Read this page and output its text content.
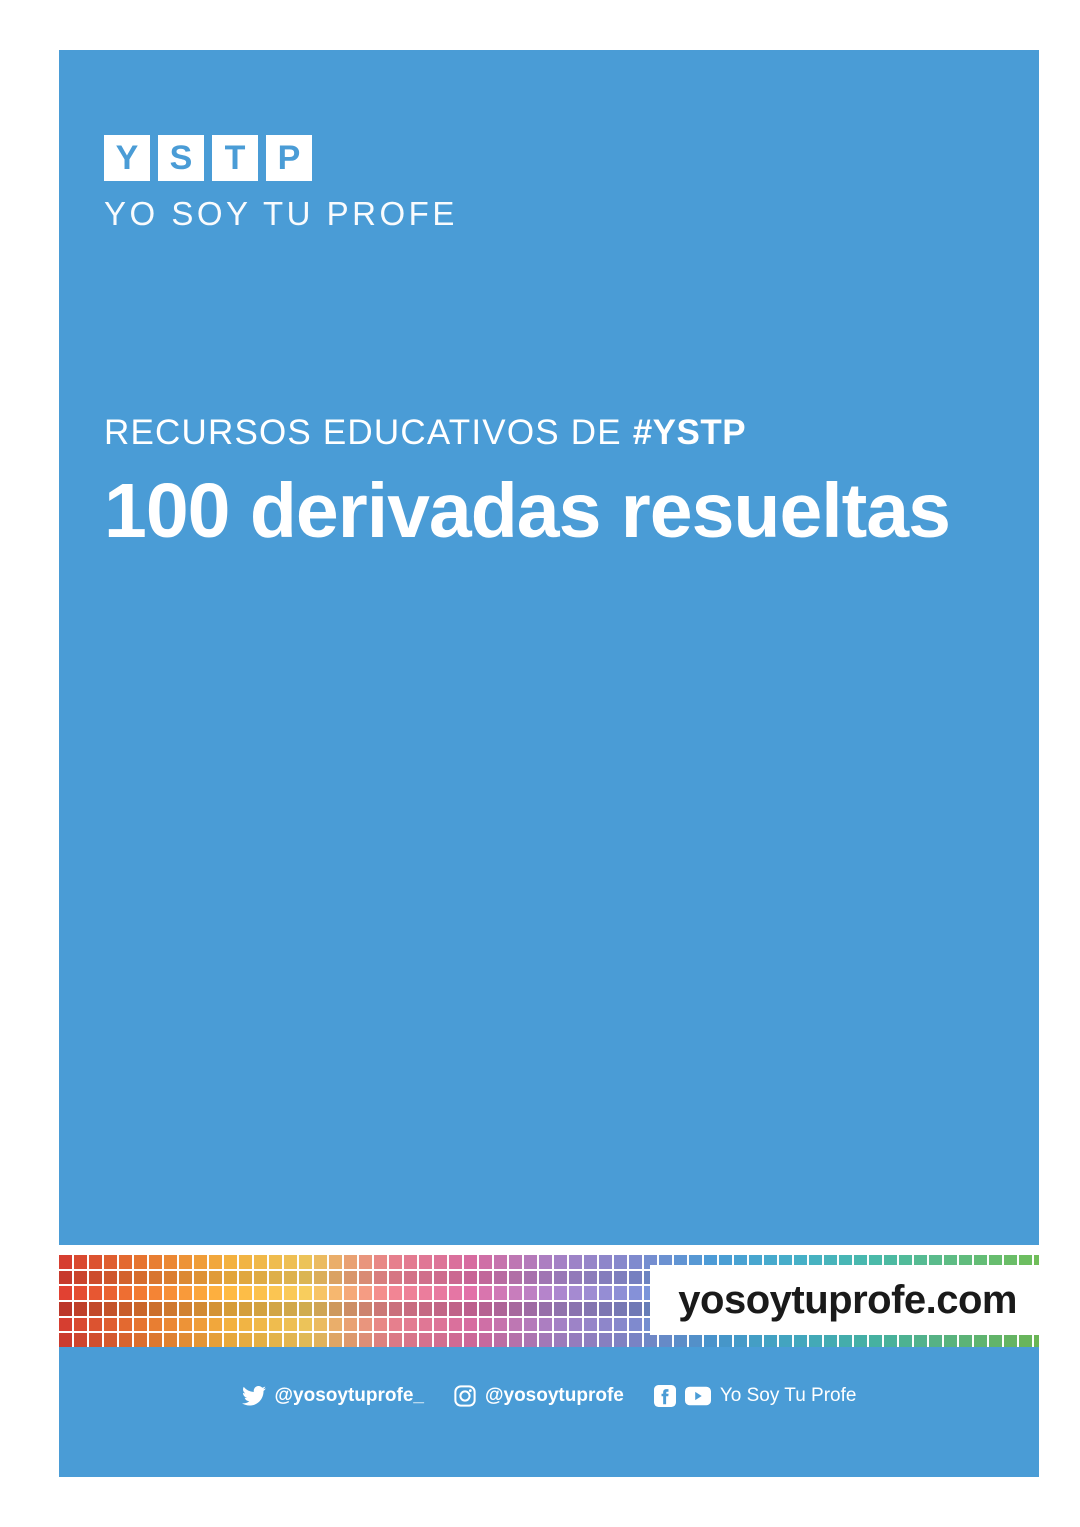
Y S T P
YO SOY TU PROFE
RECURSOS EDUCATIVOS DE #YSTP
100 derivadas resueltas
yosoytuprofe.com
@yosoytuprofe_	@yosoytuprofe	Yo Soy Tu Profe
